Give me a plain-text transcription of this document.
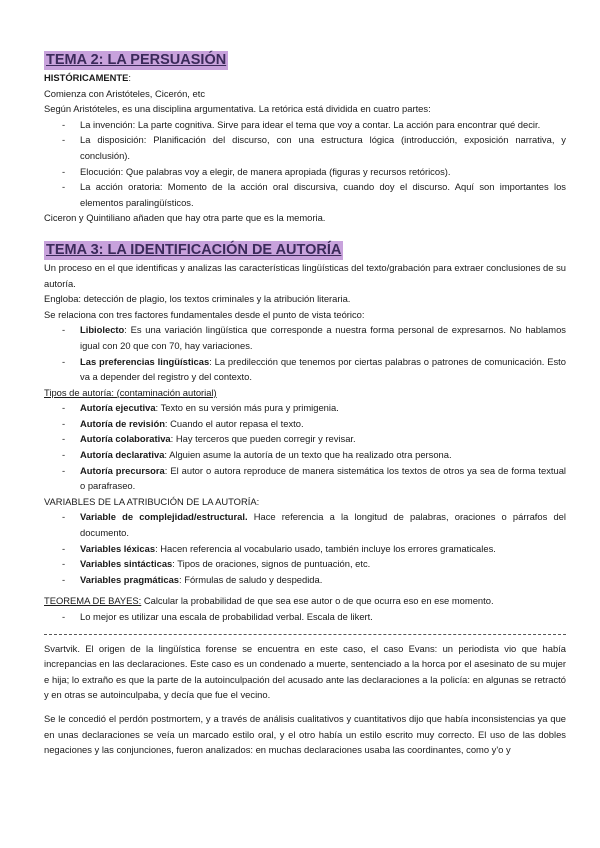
TEMA 2: LA PERSUASIÓN

HISTÓRICAMENTE:

Comienza con Aristóteles, Cicerón, etc

Según Aristóteles, es una disciplina argumentativa. La retórica está dividida en cuatro partes:

- La invención: La parte cognitiva. Sirve para idear el tema que voy a contar. La acción para encontrar qué decir.
- La disposición: Planificación del discurso, con una estructura lógica (introducción, exposición narrativa, y conclusión).
- Elocución: Que palabras voy a elegir, de manera apropiada (figuras y recursos retóricos).
- La acción oratoria: Momento de la acción oral discursiva, cuando doy el discurso. Aquí son importantes los elementos paralingüísticos.

Ciceron y Quintiliano añaden que hay otra parte que es la memoria.

TEMA 3: LA IDENTIFICACIÓN DE AUTORÍA

Un proceso en el que identificas y analizas las características lingüísticas del texto/grabación para extraer conclusiones de su autoría.

Engloba: detección de plagio, los textos criminales y la atribución literaria.

Se relaciona con tres factores fundamentales desde el punto de vista teórico:

- Libiolecto: Es una variación lingüística que corresponde a nuestra forma personal de expresarnos. No hablamos igual con 20 que con 70, hay variaciones.
- Las preferencias lingüísticas: La predilección que tenemos por ciertas palabras o patrones de comunicación. Esto va a depender del registro y del contexto.

Tipos de autoría: (contaminación autorial)

- Autoría ejecutiva: Texto en su versión más pura y primigenia.
- Autoría de revisión: Cuando el autor repasa el texto.
- Autoría colaborativa: Hay terceros que pueden corregir y revisar.
- Autoría declarativa: Alguien asume la autoría de un texto que ha realizado otra persona.
- Autoría precursora: El autor o autora reproduce de manera sistemática los textos de otros ya sea de forma textual o parafraseo.

VARIABLES DE LA ATRIBUCIÓN DE LA AUTORÍA:

- Variable de complejidad/estructural. Hace referencia a la longitud de palabras, oraciones o párrafos del documento.
- Variables léxicas: Hacen referencia al vocabulario usado, también incluye los errores gramaticales.
- Variables sintácticas: Tipos de oraciones, signos de puntuación, etc.
- Variables pragmáticas: Fórmulas de saludo y despedida.

TEOREMA DE BAYES: Calcular la probabilidad de que sea ese autor o de que ocurra eso en ese momento.

- Lo mejor es utilizar una escala de probabilidad verbal. Escala de likert.

Svartvik. El origen de la lingüística forense se encuentra en este caso, el caso Evans: un periodista vio que había increpancias en las declaraciones. Este caso es un condenado a muerte, sentenciado a la horca por el asesinato de su mujer e hija; lo extraño es que la parte de la autoinculpación del acusado ante las declaraciones a la policía: en algunas se retractó y en otras se autoinculpaba, y decía que fue el vecino.

Se le concedió el perdón postmortem, y a través de análisis cualitativos y cuantitativos dijo que había inconsistencias ya que en unas declaraciones se veía un marcado estilo oral, y el otro había un estilo escrito muy correcto. El uso de las dobles negaciones y las conjunciones, fueron analizados: en muchas declaraciones usaba las coordinantes, como y'o y
